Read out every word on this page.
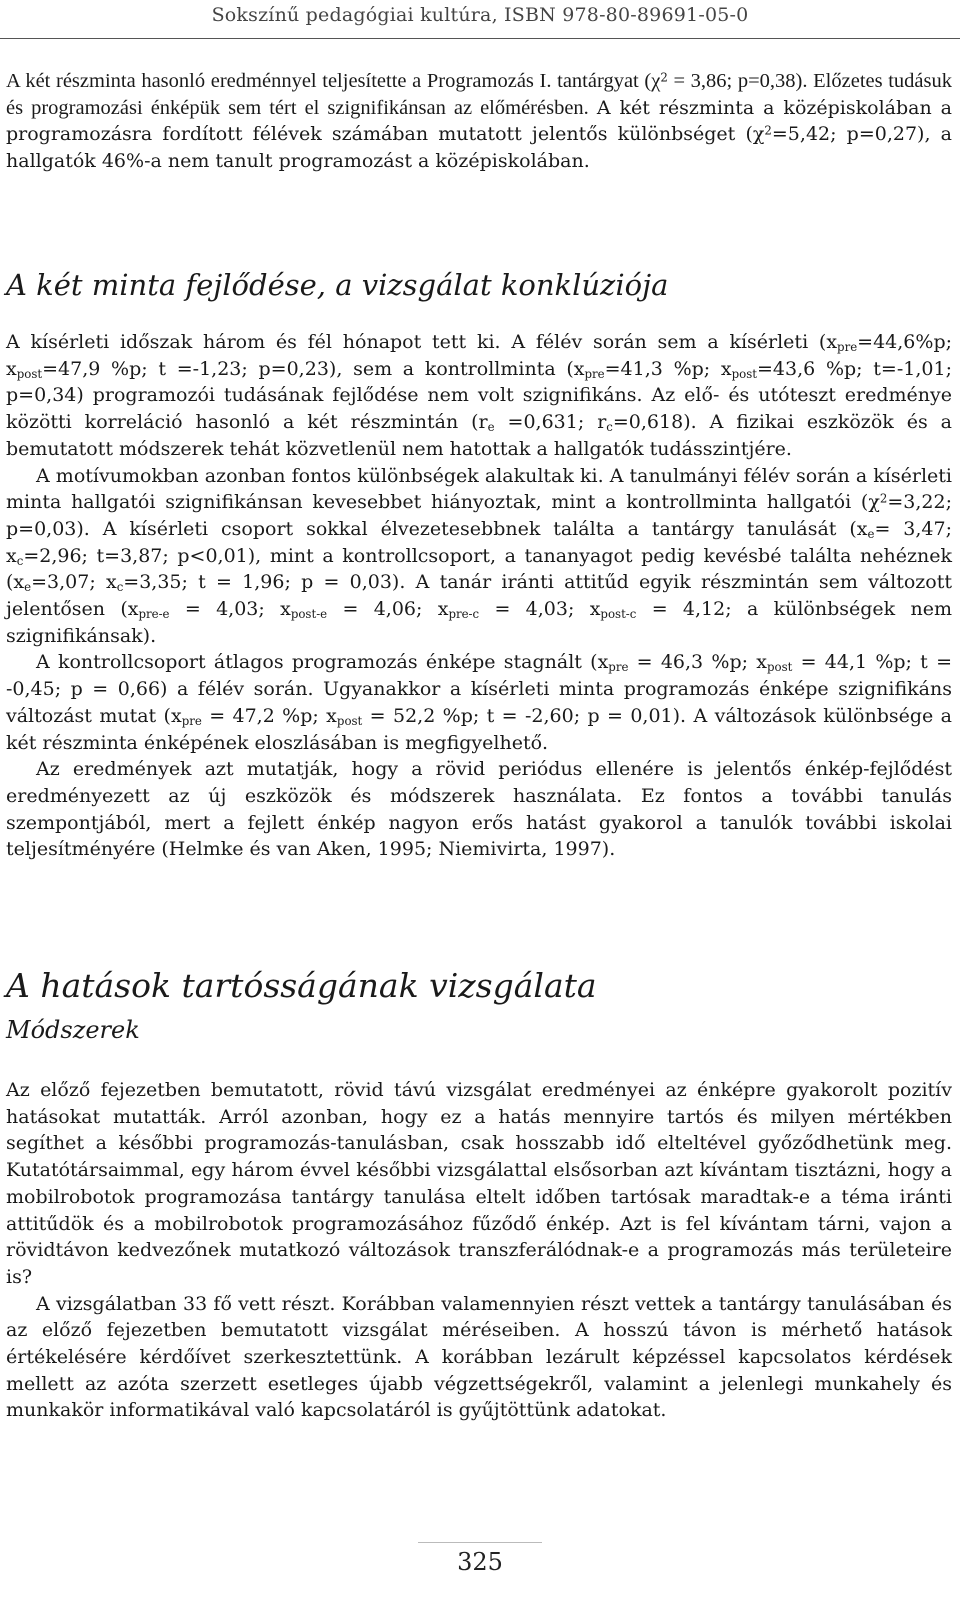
Sokszínű pedagógiai kultúra, ISBN 978-80-89691-05-0

A két részminta hasonló eredménnyel teljesítette a Programozás I. tantárgyat ($\chi^2 = 3,86$; p=0,38). Előzetes tudásuk és programozási énképük sem tért el szignifikánsan az előmérésben. A két részminta a középiskolában a programozásra fordított félévek számában mutatott jelentős különbséget ($\chi^2=5,42$; p=0,27), a hallgatók 46%-a nem tanult programozást a középiskolában.

A két minta fejlődése, a vizsgálat konklúziója

A kísérleti időszak három és fél hónapot tett ki. A félév során sem a kísérleti ($x_{pre}=44,6\%p$; $x_{post}=47,9$ %p; t =-1,23; p=0,23), sem a kontrollminta ($x_{pre}=41,3$ %p; $x_{post}=43,6$ %p; t=-1,01; p=0,34) programozói tudásának fejlődése nem volt szignifikáns. Az elő- és utóteszt eredménye közötti korreláció hasonló a két részmintán ($r_e =0,631$; $r_c=0,618$). A fizikai eszközök és a bemutatott módszerek tehát közvetlenül nem hatottak a hallgatók tudásszintjére.

A motívumokban azonban fontos különbségek alakultak ki. A tanulmányi félév során a kísérleti minta hallgatói szignifikánsan kevesebbet hiányoztak, mint a kontrollminta hallgatói ($\chi^2=3,22$; p=0,03). A kísérleti csoport sokkal élvezetesebbnek találta a tantárgy tanulását ($x_e= 3,47$; $x_c=2,96$; t=3,87; p<0,01), mint a kontrollcsoport, a tananyagot pedig kevésbé találta nehéznek ($x_e=3,07$; $x_c=3,35$; t = 1,96; p = 0,03). A tanár iránti attitűd egyik részmintán sem változott jelentősen ($x_{pre-e} = 4,03$; $x_{post-e} = 4,06$; $x_{pre-c} = 4,03$; $x_{post-c} = 4,12$; a különbségek nem szignifikánsak).

A kontrollcsoport átlagos programozás énképe stagnált ($x_{pre} = 46,3$ %p; $x_{post} = 44,1$ %p; t = -0,45; p = 0,66) a félév során. Ugyanakkor a kísérleti minta programozás énképe szignifikáns változást mutat ($x_{pre} = 47,2$ %p; $x_{post} = 52,2$ %p; t = -2,60; p = 0,01). A változások különbsége a két részminta énképének eloszlásában is megfigyelhető.

Az eredmények azt mutatják, hogy a rövid periódus ellenére is jelentős énkép-fejlődést eredményezett az új eszközök és módszerek használata. Ez fontos a további tanulás szempontjából, mert a fejlett énkép nagyon erős hatást gyakorol a tanulók további iskolai teljesítményére (Helmke és van Aken, 1995; Niemivirta, 1997).

A hatások tartósságának vizsgálata
Módszerek

Az előző fejezetben bemutatott, rövid távú vizsgálat eredményei az énképre gyakorolt pozitív hatásokat mutatták. Arról azonban, hogy ez a hatás mennyire tartós és milyen mértékben segíthet a későbbi programozás-tanulásban, csak hosszabb idő elteltével győződhetünk meg. Kutatótársaimmal, egy három évvel későbbi vizsgálattal elsősorban azt kívántam tisztázni, hogy a mobilrobotok programozása tantárgy tanulása eltelt időben tartósak maradtak-e a téma iránti attitűdök és a mobilrobotok programozásához fűződő énkép. Azt is fel kívántam tárni, vajon a rövidtávon kedvezőnek mutatkozó változások transzferálódnak-e a programozás más területeire is?

A vizsgálatban 33 fő vett részt. Korábban valamennyien részt vettek a tantárgy tanulásában és az előző fejezetben bemutatott vizsgálat méréseiben. A hosszú távon is mérhető hatások értékelésére kérdőívet szerkesztettünk. A korábban lezárult képzéssel kapcsolatos kérdések mellett az azóta szerzett esetleges újabb végzettségekről, valamint a jelenlegi munkahely és munkakör informatikával való kapcsolatáról is gyűjtöttünk adatokat.

325
